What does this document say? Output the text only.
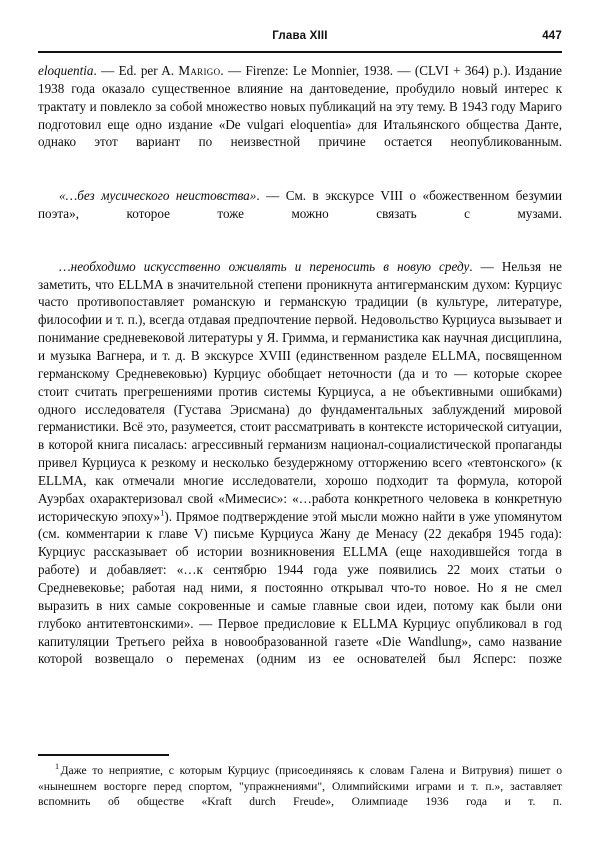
Глава XIII	447

eloquentia. — Ed. per A. Marigo. — Firenze: Le Monnier, 1938. — (CLVI + 364) p.). Издание 1938 года оказало существенное влияние на дантоведение, пробудило новый интерес к трактату и повлекло за собой множество новых публикаций на эту тему. В 1943 году Мариго подготовил еще одно издание «De vulgari eloquentia» для Итальянского общества Данте, однако этот вариант по неизвестной причине остается неопубликованным.

«…без мусического неистовства». — См. в экскурсе VIII о «божественном безумии поэта», которое тоже можно связать с музами.

…необходимо искусственно оживлять и переносить в новую среду. — Нельзя не заметить, что ELLMA в значительной степени проникнута антигерманским духом: Курциус часто противопоставляет романскую и германскую традиции (в культуре, литературе, философии и т. п.), всегда отдавая предпочтение первой. Недовольство Курциуса вызывает и понимание средневековой литературы у Я. Гримма, и германистика как научная дисциплина, и музыка Вагнера, и т. д. В экскурсе XVIII (единственном разделе ELLMA, посвященном германскому Средневековью) Курциус обобщает неточности (да и то — которые скорее стоит считать прегрешениями против системы Курциуса, а не объективными ошибками) одного исследователя (Густава Эрисмана) до фундаментальных заблуждений мировой германистики. Всё это, разумеется, стоит рассматривать в контексте исторической ситуации, в которой книга писалась: агрессивный германизм национал-социалистической пропаганды привел Курциуса к резкому и несколько безудержному отторжению всего «тевтонского» (к ELLMA, как отмечали многие исследователи, хорошо подходит та формула, которой Ауэрбах охарактеризовал свой «Мимесис»: «…работа конкретного человека в конкретную историческую эпоху»$^1$). Прямое подтверждение этой мысли можно найти в уже упомянутом (см. комментарии к главе V) письме Курциуса Жану де Менасу (22 декабря 1945 года): Курциус рассказывает об истории возникновения ELLMA (еще находившейся тогда в работе) и добавляет: «…к сентябрю 1944 года уже появились 22 моих статьи о Средневековье; работая над ними, я постоянно открывал что-то новое. Но я не смел выразить в них самые сокровенные и самые главные свои идеи, потому как были они глубоко антитевтонскими». — Первое предисловие к ELLMA Курциус опубликовал в год капитуляции Третьего рейха в новообразованной газете «Die Wandlung», само название которой возвещало о переменах (одним из ее основателей был Ясперс: позже

$^1$ Даже то неприятие, с которым Курциус (присоединяясь к словам Галена и Витрувия) пишет о «нынешнем восторге перед спортом, "упражнениями", Олимпийскими играми и т. п.», заставляет вспомнить об обществе «Kraft durch Freude», Олимпиаде 1936 года и т. п.
